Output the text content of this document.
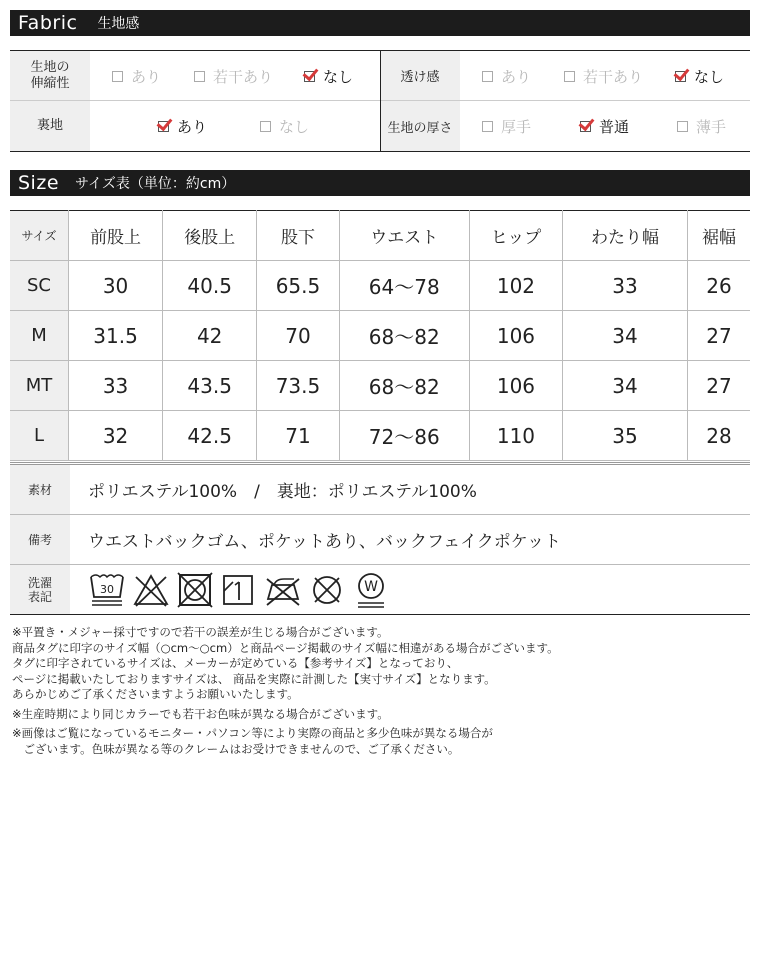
Fabric 生地感
生地の伸縮性	あり	若干あり	なし	透け感	あり	若干あり	なし
裏地	あり	なし	生地の厚さ	厚手	普通	薄手
Size サイズ表（単位：約cm）
サイズ	前股上	後股上	股下	ウエスト	ヒップ	わたり幅	裾幅
SC	30	40.5	65.5	64〜78	102	33	26
M	31.5	42	70	68〜82	106	34	27
MT	33	43.5	73.5	68〜82	106	34	27
L	32	42.5	71	72〜86	110	35	28
素材	ポリエステル100%　/　裏地：ポリエステル100%
備考	ウエストバックゴム、ポケットあり、バックフェイクポケット
洗濯表記
30	W

※平置き・メジャー採寸ですので若干の誤差が生じる場合がございます。

商品タグに印字のサイズ幅（○cm〜○cm）と商品ページ掲載のサイズ幅に相違がある場合がございます。

タグに印字されているサイズは、メーカーが定めている【参考サイズ】となっており、

ページに掲載いたしておりますサイズは、 商品を実際に計測した【実寸サイズ】となります。

あらかじめご了承くださいますようお願いいたします。

※生産時期により同じカラーでも若干お色味が異なる場合がございます。

※画像はご覧になっているモニター・パソコン等により実際の商品と多少色味が異なる場合が

　ございます。色味が異なる等のクレームはお受けできませんので、ご了承ください。
